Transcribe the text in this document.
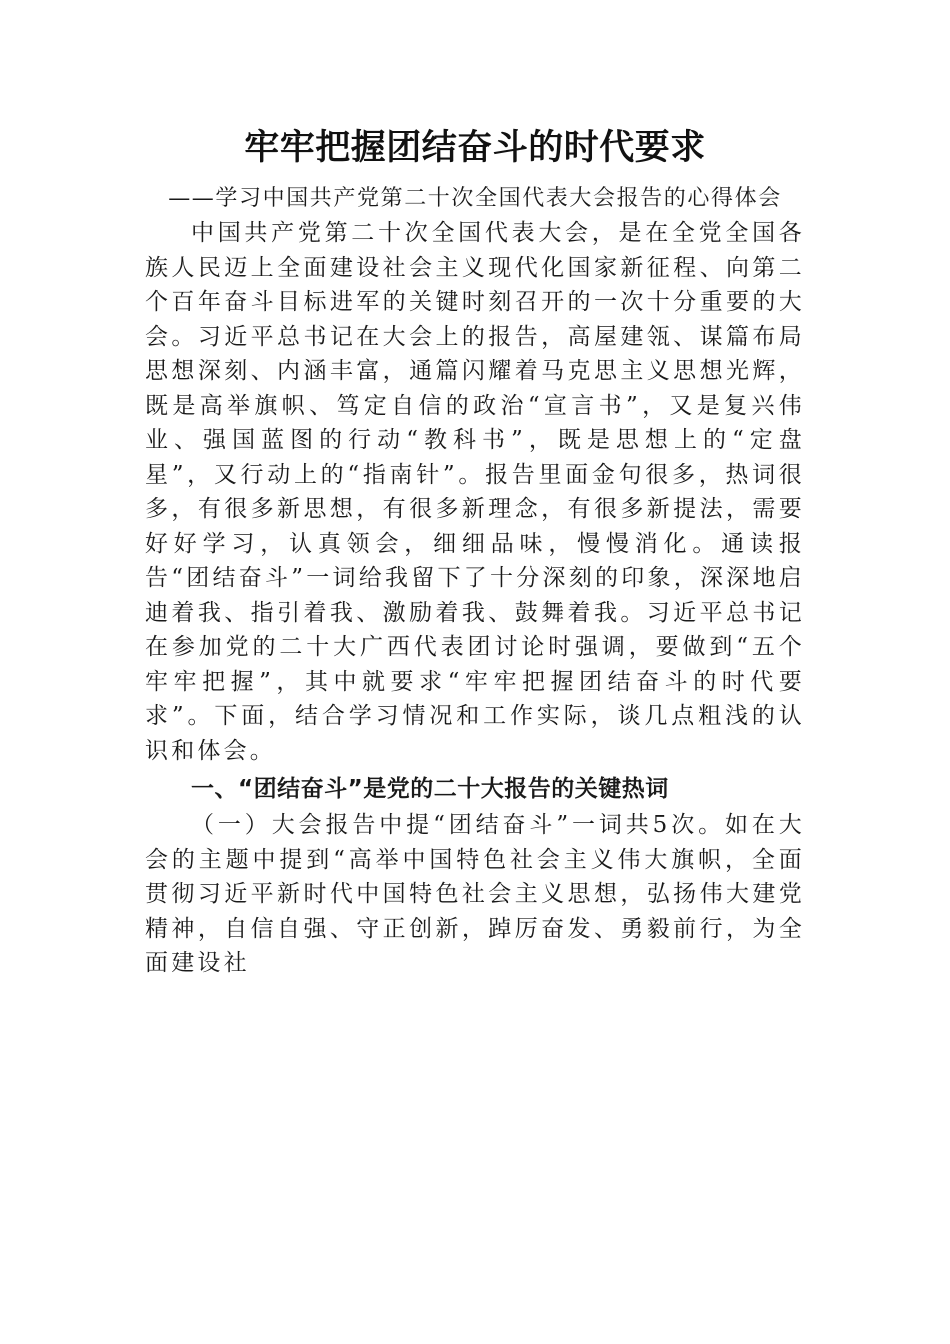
牢牢把握团结奋斗的时代要求

——学习中国共产党第二十次全国代表大会报告的心得体会

中国共产党第二十次全国代表大会，是在全党全国各族人民迈上全面建设社会主义现代化国家新征程、向第二个百年奋斗目标进军的关键时刻召开的一次十分重要的大会。习近平总书记在大会上的报告，高屋建瓴、谋篇布局思想深刻、内涵丰富，通篇闪耀着马克思主义思想光辉，既是高举旗帜、笃定自信的政治“宣言书”，又是复兴伟业、强国蓝图的行动“教科书”，既是思想上的“定盘星”，又行动上的“指南针”。报告里面金句很多，热词很多，有很多新思想，有很多新理念，有很多新提法，需要好好学习，认真领会，细细品味，慢慢消化。通读报告“团结奋斗”一词给我留下了十分深刻的印象，深深地启迪着我、指引着我、激励着我、鼓舞着我。习近平总书记在参加党的二十大广西代表团讨论时强调，要做到“五个牢牢把握”，其中就要求“牢牢把握团结奋斗的时代要求”。下面，结合学习情况和工作实际，谈几点粗浅的认识和体会。

一、“团结奋斗”是党的二十大报告的关键热词

（一）大会报告中提“团结奋斗”一词共5次。如在大会的主题中提到“高举中国特色社会主义伟大旗帜，全面贯彻习近平新时代中国特色社会主义思想，弘扬伟大建党精神，自信自强、守正创新，踔厉奋发、勇毅前行，为全面建设社
